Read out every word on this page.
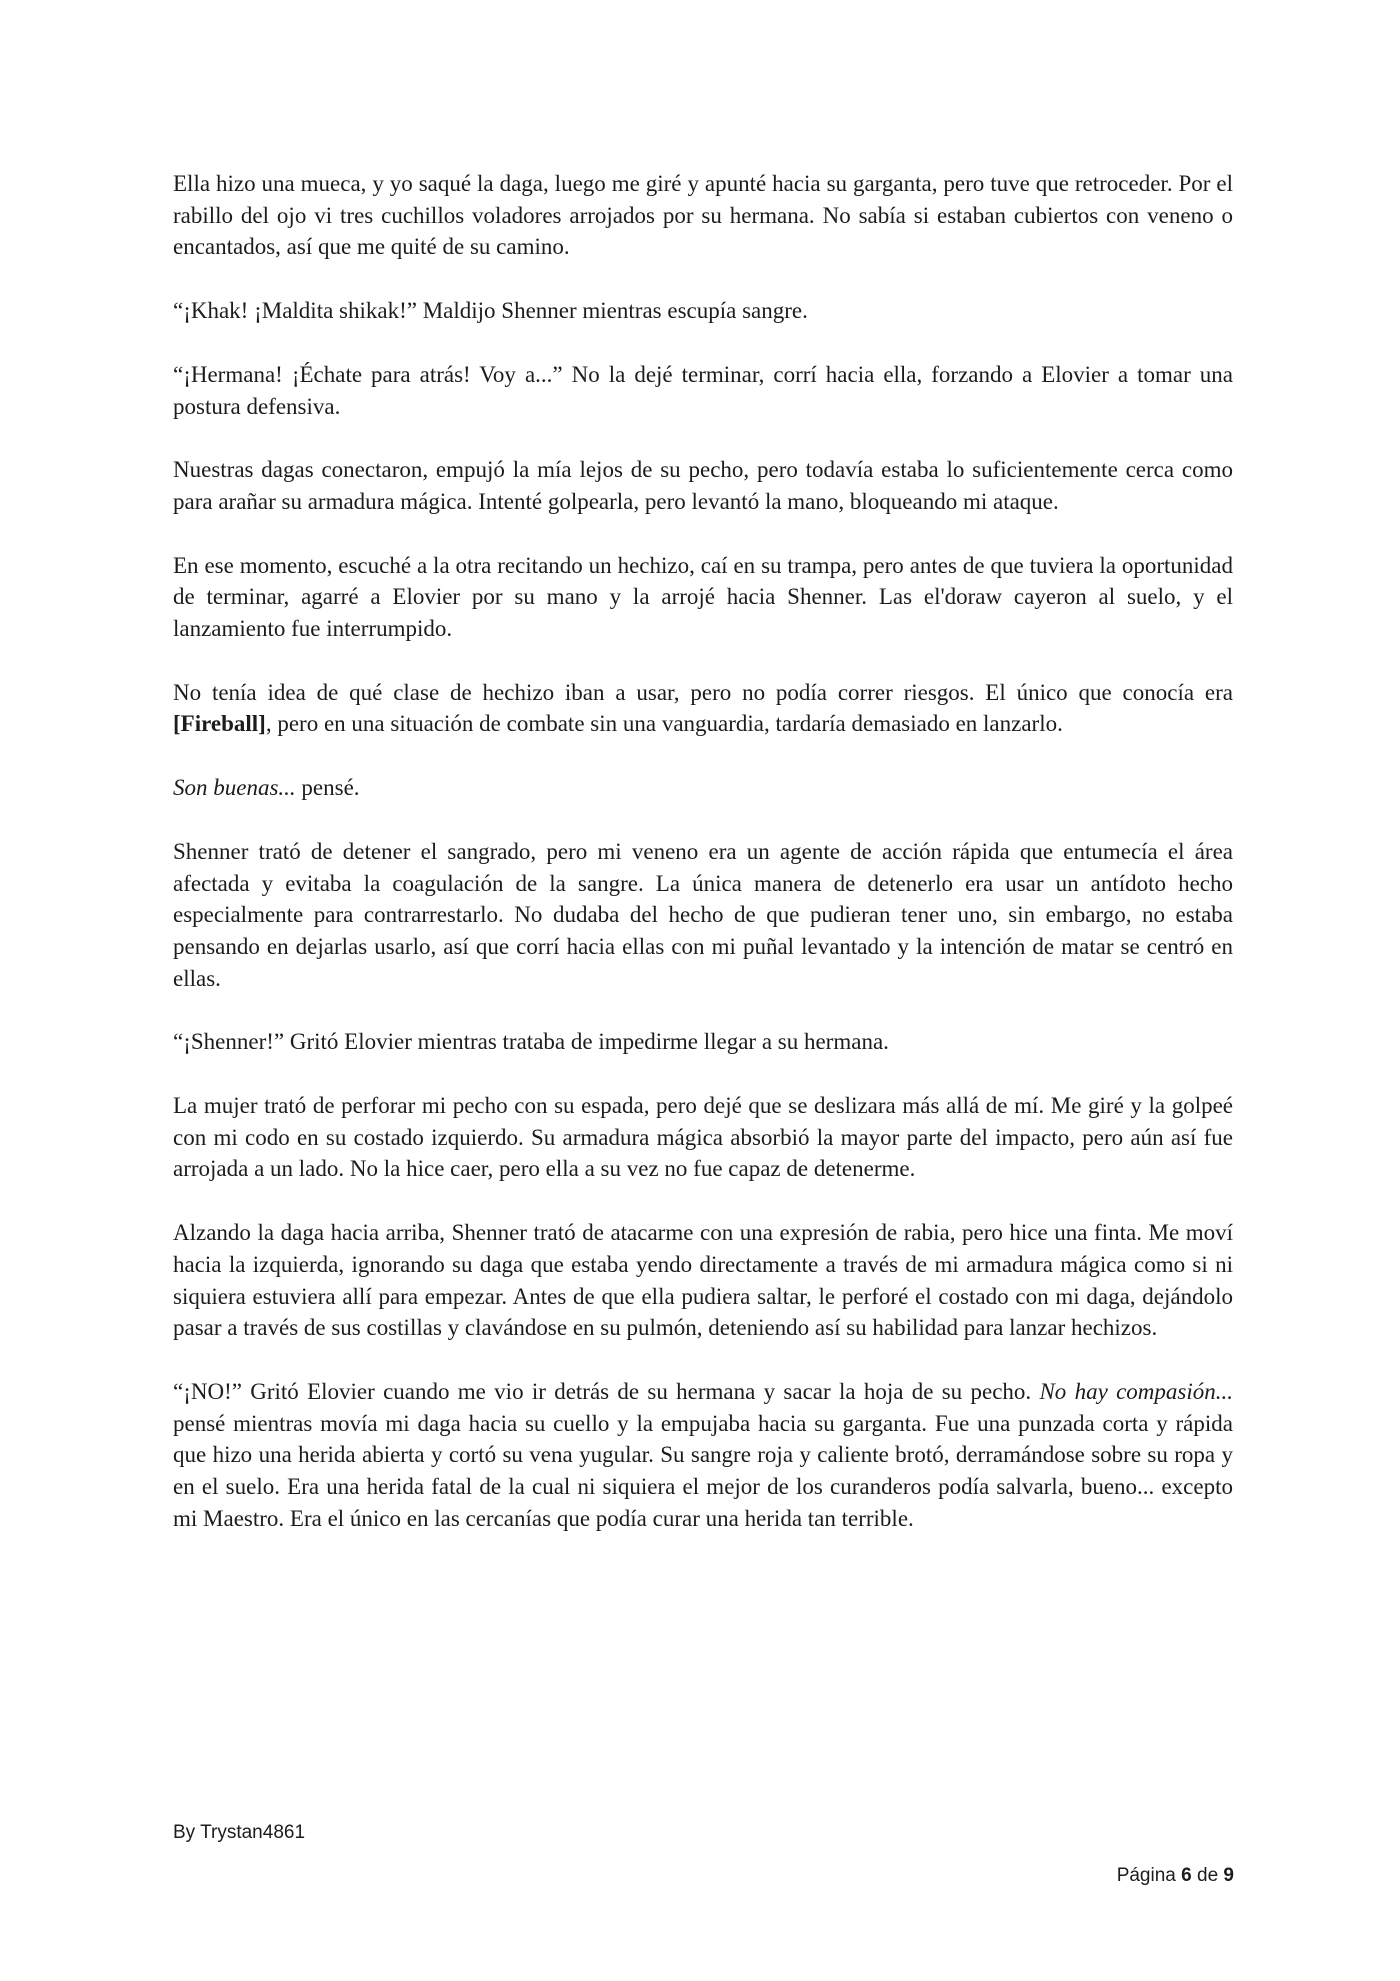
Ella hizo una mueca, y yo saqué la daga, luego me giré y apunté hacia su garganta, pero tuve que retroceder. Por el rabillo del ojo vi tres cuchillos voladores arrojados por su hermana. No sabía si estaban cubiertos con veneno o encantados, así que me quité de su camino.

“¡Khak! ¡Maldita shikak!” Maldijo Shenner mientras escupía sangre.

“¡Hermana! ¡Échate para atrás! Voy a...” No la dejé terminar, corrí hacia ella, forzando a Elovier a tomar una postura defensiva.

Nuestras dagas conectaron, empujó la mía lejos de su pecho, pero todavía estaba lo suficientemente cerca como para arañar su armadura mágica. Intenté golpearla, pero levantó la mano, bloqueando mi ataque.

En ese momento, escuché a la otra recitando un hechizo, caí en su trampa, pero antes de que tuviera la oportunidad de terminar, agarré a Elovier por su mano y la arrojé hacia Shenner. Las el'doraw cayeron al suelo, y el lanzamiento fue interrumpido.

No tenía idea de qué clase de hechizo iban a usar, pero no podía correr riesgos. El único que conocía era [Fireball], pero en una situación de combate sin una vanguardia, tardaría demasiado en lanzarlo.

Son buenas... pensé.

Shenner trató de detener el sangrado, pero mi veneno era un agente de acción rápida que entumecía el área afectada y evitaba la coagulación de la sangre. La única manera de detenerlo era usar un antídoto hecho especialmente para contrarrestarlo. No dudaba del hecho de que pudieran tener uno, sin embargo, no estaba pensando en dejarlas usarlo, así que corrí hacia ellas con mi puñal levantado y la intención de matar se centró en ellas.

“¡Shenner!” Gritó Elovier mientras trataba de impedirme llegar a su hermana.

La mujer trató de perforar mi pecho con su espada, pero dejé que se deslizara más allá de mí. Me giré y la golpeé con mi codo en su costado izquierdo. Su armadura mágica absorbió la mayor parte del impacto, pero aún así fue arrojada a un lado. No la hice caer, pero ella a su vez no fue capaz de detenerme.

Alzando la daga hacia arriba, Shenner trató de atacarme con una expresión de rabia, pero hice una finta. Me moví hacia la izquierda, ignorando su daga que estaba yendo directamente a través de mi armadura mágica como si ni siquiera estuviera allí para empezar. Antes de que ella pudiera saltar, le perforé el costado con mi daga, dejándolo pasar a través de sus costillas y clavándose en su pulmón, deteniendo así su habilidad para lanzar hechizos.

“¡NO!” Gritó Elovier cuando me vio ir detrás de su hermana y sacar la hoja de su pecho. No hay compasión... pensé mientras movía mi daga hacia su cuello y la empujaba hacia su garganta. Fue una punzada corta y rápida que hizo una herida abierta y cortó su vena yugular. Su sangre roja y caliente brotó, derramándose sobre su ropa y en el suelo. Era una herida fatal de la cual ni siquiera el mejor de los curanderos podía salvarla, bueno... excepto mi Maestro. Era el único en las cercanías que podía curar una herida tan terrible.

By Trystan4861
Página 6 de 9
